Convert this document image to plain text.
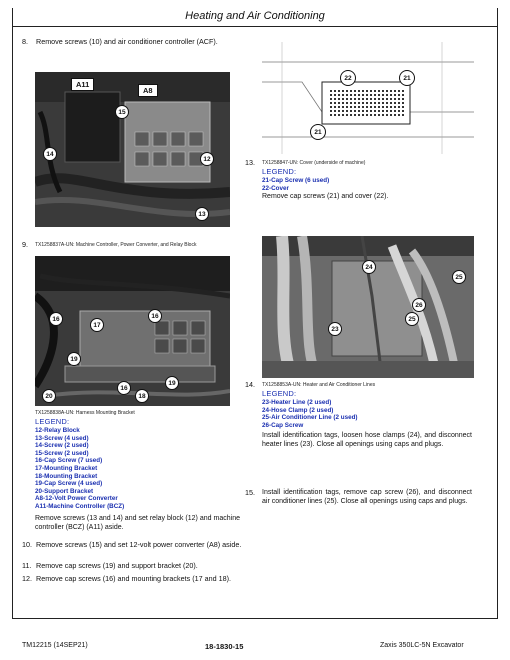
Heating and Air Conditioning
8. Remove screws (10) and air conditioner controller (ACF).
A11
A8
15
14
12
13
22	21
21
13.	TX1258847-UN: Cover (underside of machine)
LEGEND:
21-Cap Screw (6 used)
22-Cover
Remove cap screws (21) and cover (22).
9.	TX1258837A-UN: Machine Controller, Power Converter, and Relay Block
16
17
16
19
16
19
18
20
TX1258838A-UN: Harness Mounting Bracket
LEGEND:
12-Relay Block
13-Screw (4 used)
14-Screw (2 used)
15-Screw (2 used)
16-Cap Screw (7 used)
17-Mounting Bracket
18-Mounting Bracket
19-Cap Screw (4 used)
20-Support Bracket
A8-12-Volt Power Converter
A11-Machine Controller (BCZ)
Remove screws (13 and 14) and set relay block (12) and machine controller (BCZ) (A11) aside.
10. Remove screws (15) and set 12-volt power converter (A8) aside.
11. Remove cap screws (19) and support bracket (20).
12. Remove cap screws (16) and mounting brackets (17 and 18).
24
25
26
25
23
14.	TX1258853A-UN: Heater and Air Conditioner Lines
LEGEND:
23-Heater Line (2 used)
24-Hose Clamp (2 used)
25-Air Conditioner Line (2 used)
26-Cap Screw
Install identification tags, loosen hose clamps (24), and disconnect heater lines (23). Close all openings using caps and plugs.
15.	Install identification tags, remove cap screw (26), and disconnect air conditioner lines (25). Close all openings using caps and plugs.
TM12215 (14SEP21)	18-1830-15	Zaxis 350LC-5N Excavator
